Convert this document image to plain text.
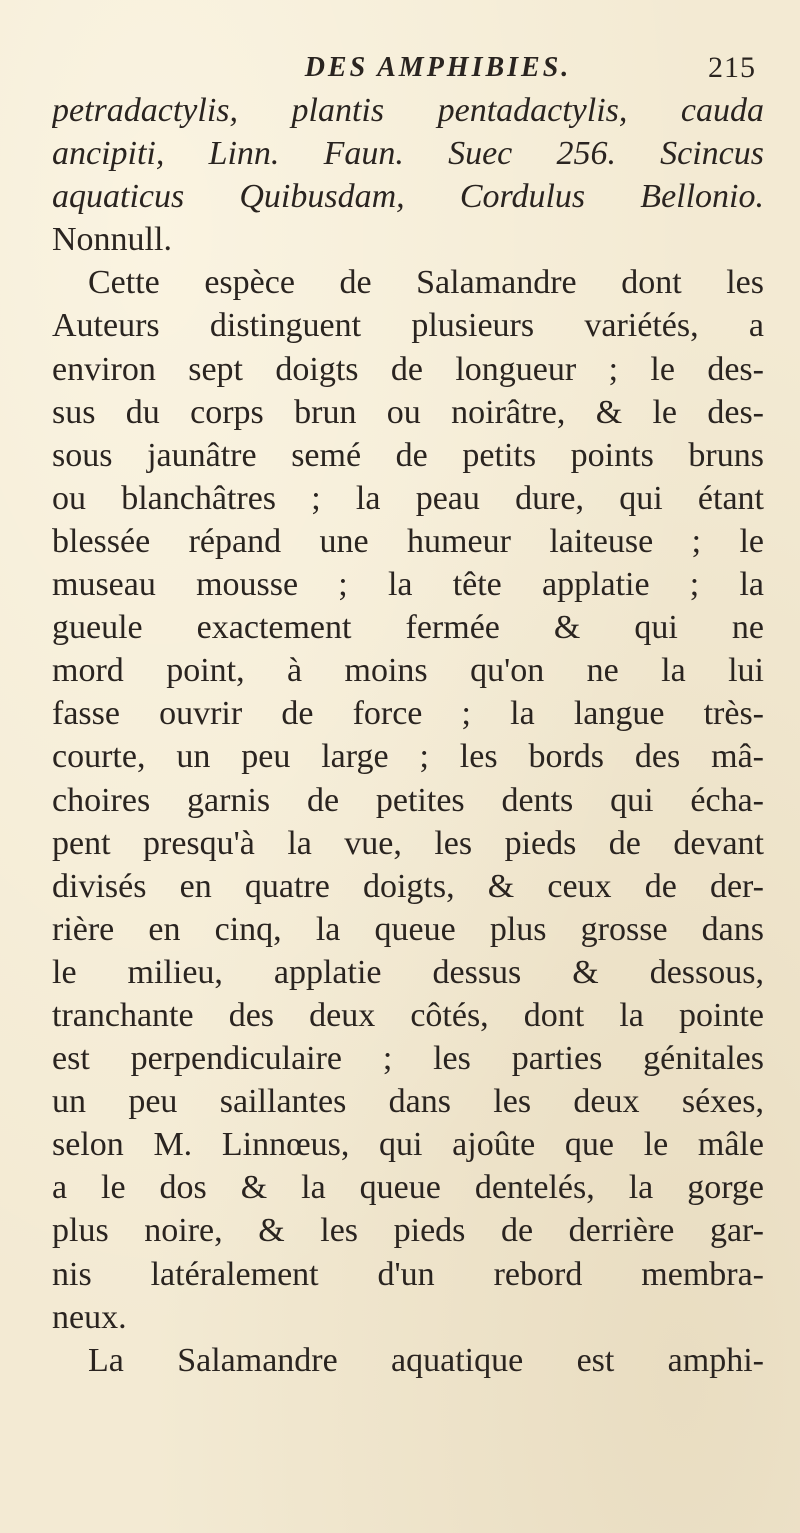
DES AMPHIBIES.	215
petradactylis, plantis pentadactylis, cauda
ancipiti, Linn. Faun. Suec 256. Scincus
aquaticus Quibusdam, Cordulus Bellonio.
Nonnull.
Cette espèce de Salamandre dont les
Auteurs distinguent plusieurs variétés, a
environ sept doigts de longueur ; le des-
sus du corps brun ou noirâtre, & le des-
sous jaunâtre semé de petits points bruns
ou blanchâtres ; la peau dure, qui étant
blessée répand une humeur laiteuse ; le
museau mousse ; la tête applatie ; la
gueule exactement fermée & qui ne
mord point, à moins qu'on ne la lui
fasse ouvrir de force ; la langue très-
courte, un peu large ; les bords des mâ-
choires garnis de petites dents qui écha-
pent presqu'à la vue, les pieds de devant
divisés en quatre doigts, & ceux de der-
rière en cinq, la queue plus grosse dans
le milieu, applatie dessus & dessous,
tranchante des deux côtés, dont la pointe
est perpendiculaire ; les parties génitales
un peu saillantes dans les deux séxes,
selon M. Linnœus, qui ajoûte que le mâle
a le dos & la queue dentelés, la gorge
plus noire, & les pieds de derrière gar-
nis latéralement d'un rebord membra-
neux.
La Salamandre aquatique est amphi-
